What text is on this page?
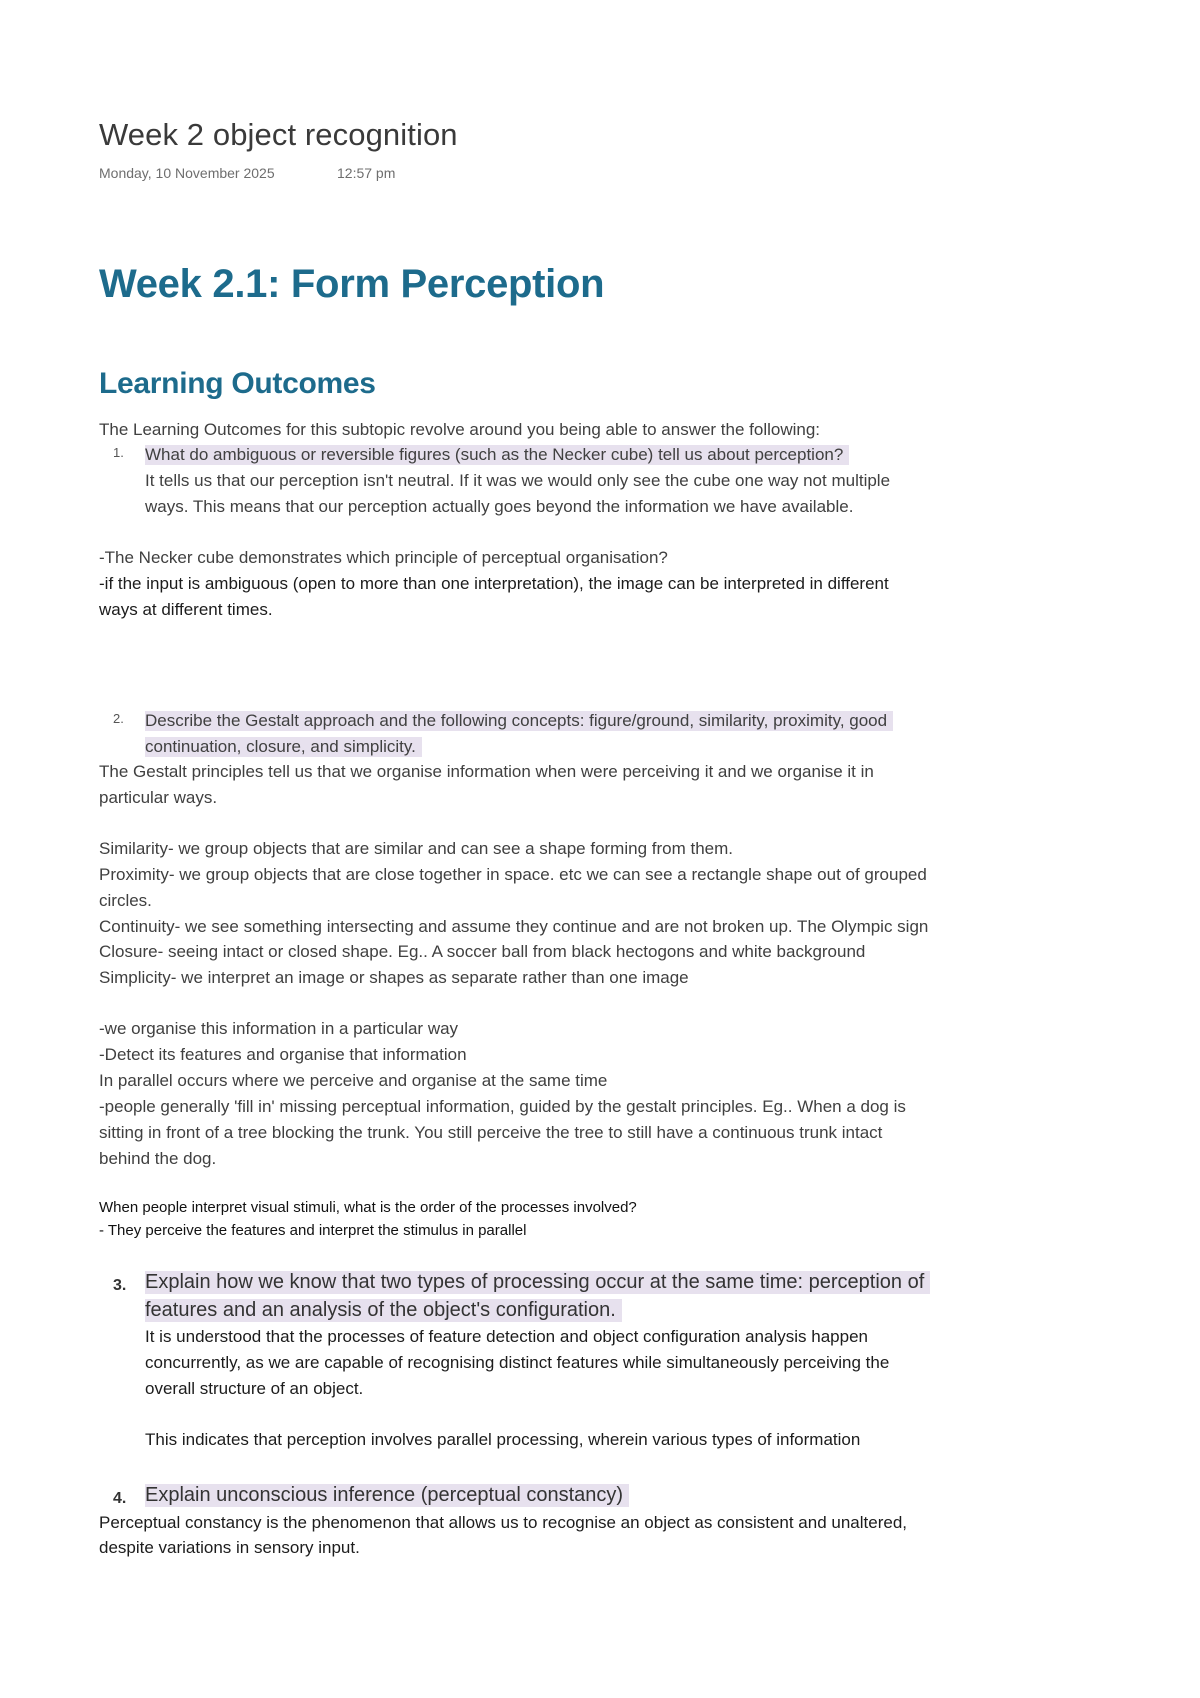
Week 2 object recognition
Monday, 10 November 2025	12:57 pm
Week 2.1: Form Perception
Learning Outcomes
The Learning Outcomes for this subtopic revolve around you being able to answer the following:
1. What do ambiguous or reversible figures (such as the Necker cube) tell us about perception?
It tells us that our perception isn't neutral. If it was we would only see the cube one way not multiple
ways. This means that our perception actually goes beyond the information we have available.
-The Necker cube demonstrates which principle of perceptual organisation?
-if the input is ambiguous (open to more than one interpretation), the image can be interpreted in different
ways at different times.
2. Describe the Gestalt approach and the following concepts: figure/ground, similarity, proximity, good
continuation, closure, and simplicity.
The Gestalt principles tell us that we organise information when were perceiving it and we organise it in
particular ways.
Similarity- we group objects that are similar and can see a shape forming from them.
Proximity- we group objects that are close together in space. etc we can see a rectangle shape out of grouped
circles.
Continuity- we see something intersecting and assume they continue and are not broken up. The Olympic sign
Closure- seeing intact or closed shape. Eg.. A soccer ball from black hectogons and white background
Simplicity- we interpret an image or shapes as separate rather than one image
-we organise this information in a particular way
-Detect its features and organise that information
In parallel occurs where we perceive and organise at the same time
-people generally 'fill in' missing perceptual information, guided by the gestalt principles. Eg.. When a dog is
sitting in front of a tree blocking the trunk. You still perceive the tree to still have a continuous trunk intact
behind the dog.
When people interpret visual stimuli, what is the order of the processes involved?
- They perceive the features and interpret the stimulus in parallel
3. Explain how we know that two types of processing occur at the same time: perception of
features and an analysis of the object's configuration.
It is understood that the processes of feature detection and object configuration analysis happen
concurrently, as we are capable of recognising distinct features while simultaneously perceiving the
overall structure of an object.
This indicates that perception involves parallel processing, wherein various types of information
4. Explain unconscious inference (perceptual constancy)
Perceptual constancy is the phenomenon that allows us to recognise an object as consistent and unaltered,
despite variations in sensory input.
